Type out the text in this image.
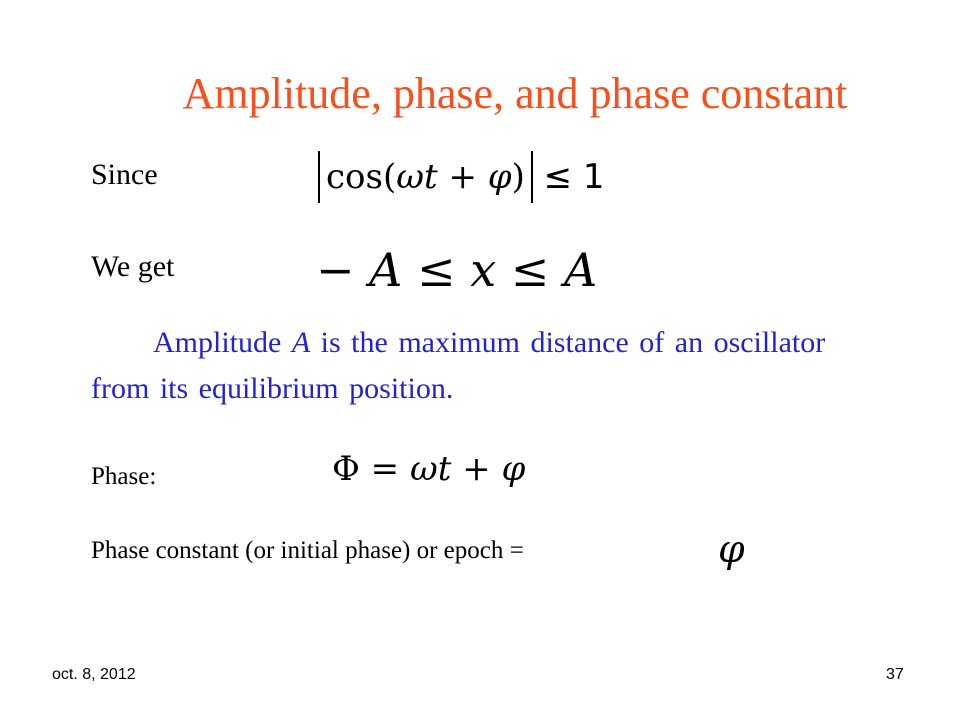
Amplitude, phase, and phase constant
Since	cos(ωt + φ) ≤ 1
We get	− A ≤ x ≤ A
Amplitude A is the maximum distance of an oscillator from its equilibrium position.
Phase:	Φ = ωt + φ
Phase constant (or initial phase) or epoch =	φ
oct. 8, 2012	37
